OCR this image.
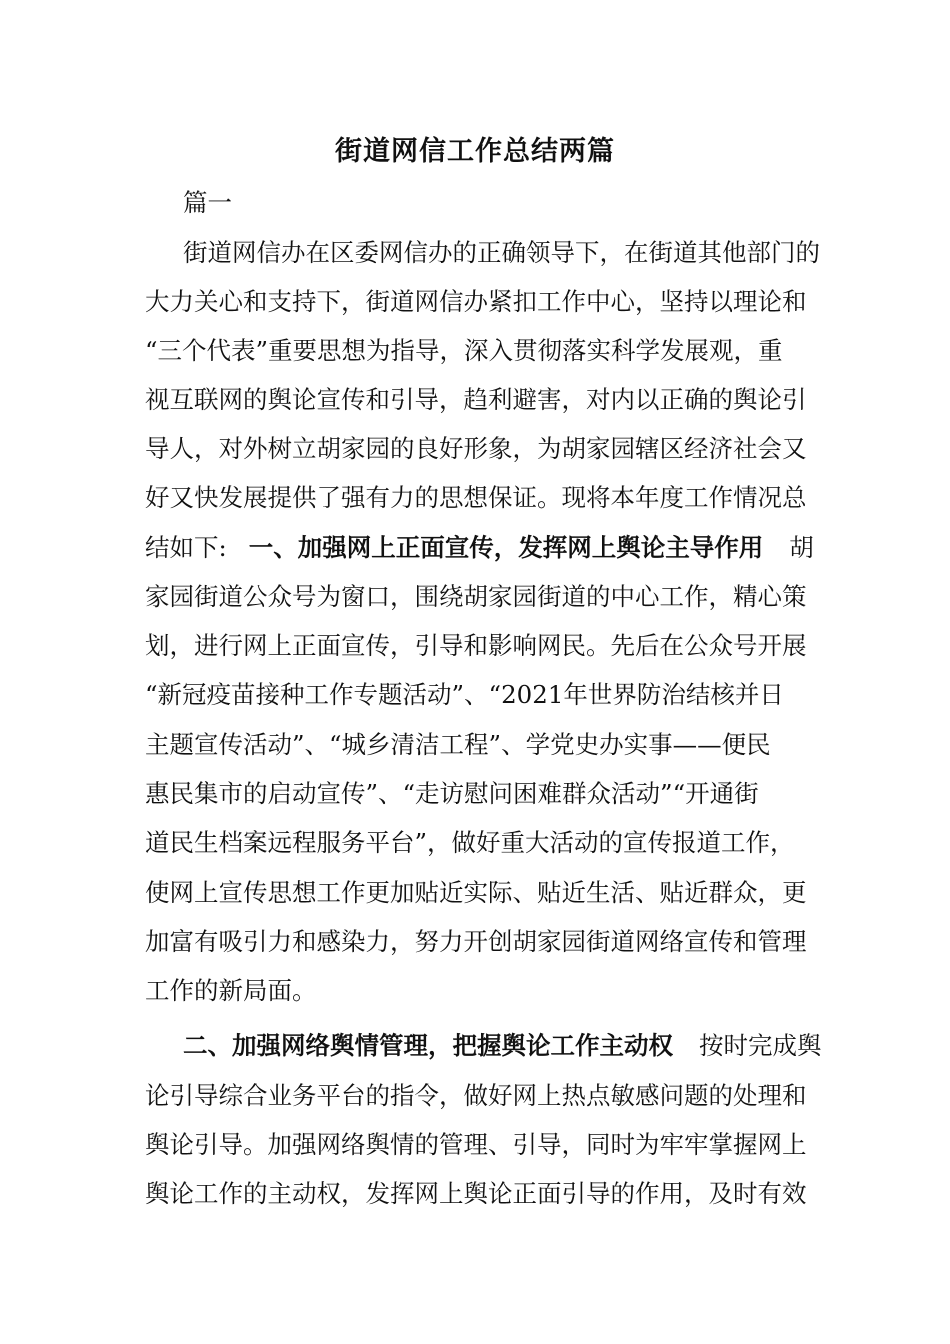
街道网信工作总结两篇
篇一
街道网信办在区委网信办的正确领导下，在街道其他部门的
大力关心和支持下，街道网信办紧扣工作中心，坚持以理论和
“三个代表”重要思想为指导，深入贯彻落实科学发展观，重
视互联网的舆论宣传和引导，趋利避害，对内以正确的舆论引
导人，对外树立胡家园的良好形象，为胡家园辖区经济社会又
好又快发展提供了强有力的思想保证。现将本年度工作情况总
结如下: 一、加强网上正面宣传，发挥网上舆论主导作用 胡
家园街道公众号为窗口，围绕胡家园街道的中心工作，精心策
划，进行网上正面宣传，引导和影响网民。先后在公众号开展
“新冠疫苗接种工作专题活动”、“2021年世界防治结核并日
主题宣传活动”、“城乡清洁工程”、学党史办实事——便民
惠民集市的启动宣传”、“走访慰问困难群众活动”“开通街
道民生档案远程服务平台”，做好重大活动的宣传报道工作，
使网上宣传思想工作更加贴近实际、贴近生活、贴近群众，更
加富有吸引力和感染力，努力开创胡家园街道网络宣传和管理
工作的新局面。
二、加强网络舆情管理，把握舆论工作主动权 按时完成舆
论引导综合业务平台的指令，做好网上热点敏感问题的处理和
舆论引导。加强网络舆情的管理、引导，同时为牢牢掌握网上
舆论工作的主动权，发挥网上舆论正面引导的作用，及时有效
